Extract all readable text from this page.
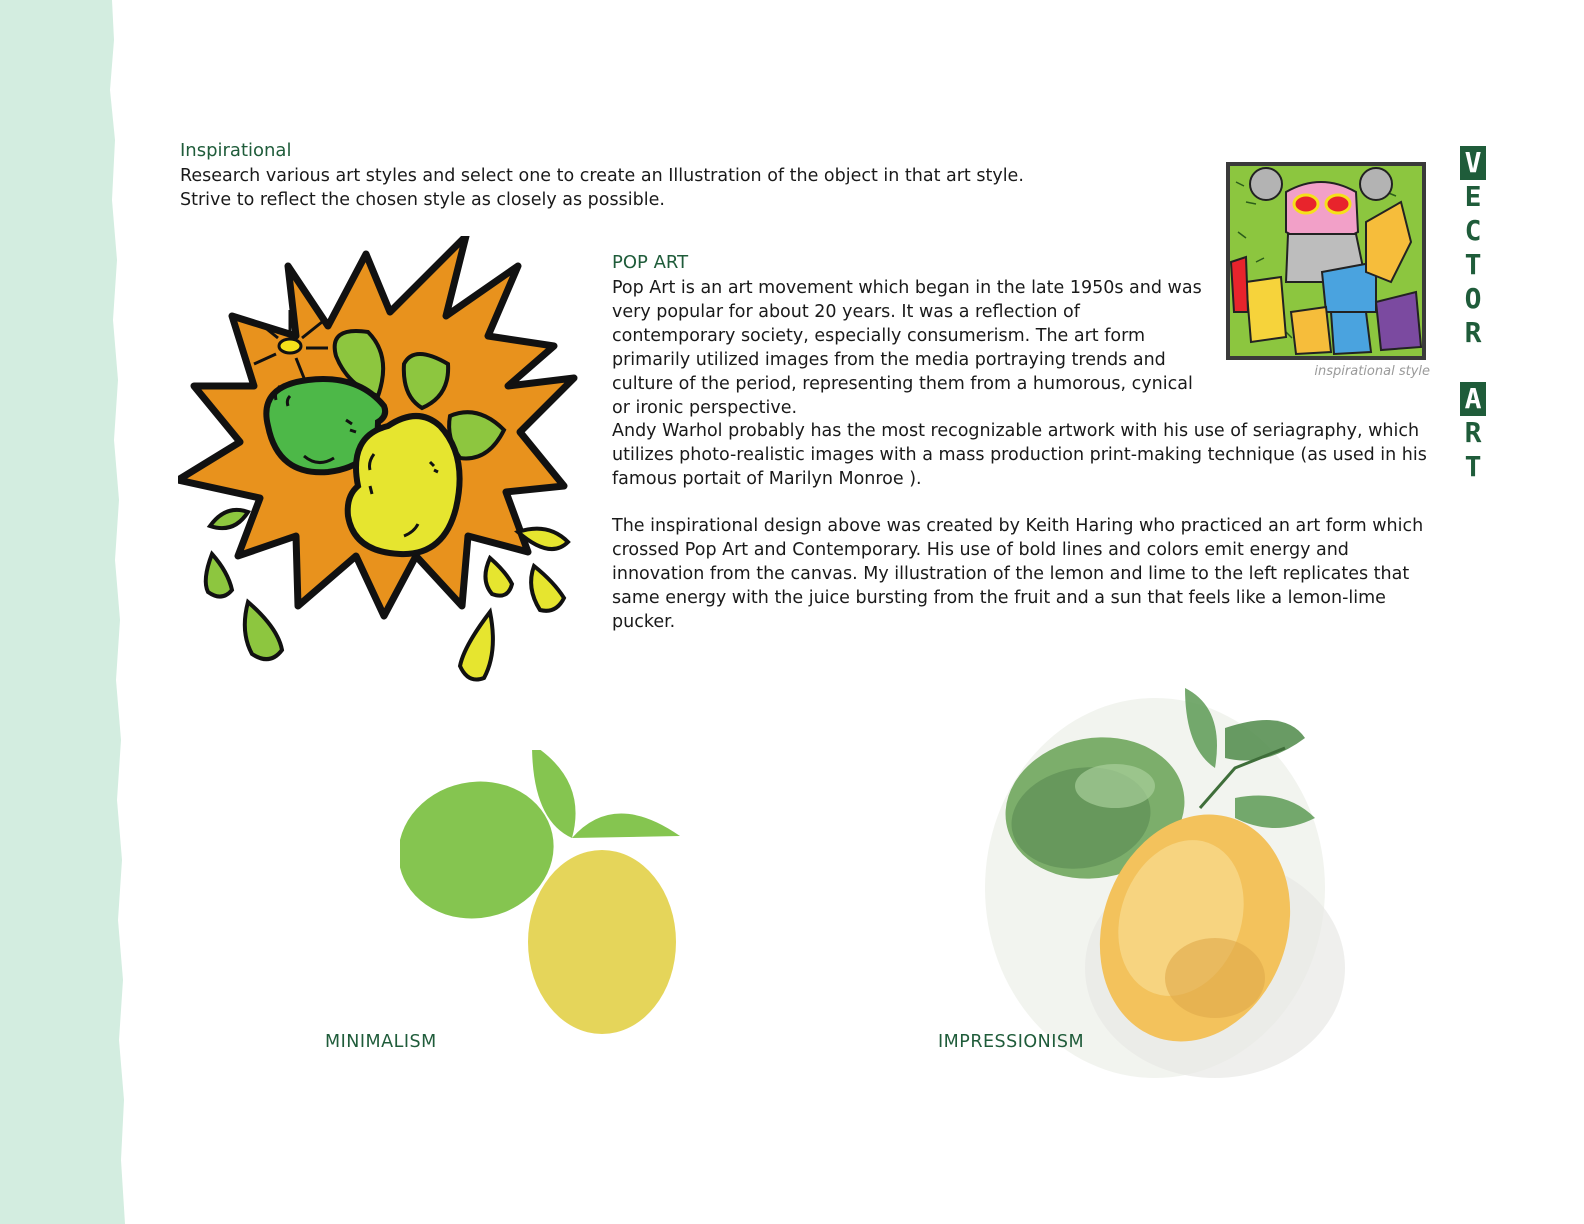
Inspirational
Research various art styles and select one to create an Illustration of the object in that art style.
Strive to reflect the chosen style as closely as possible.
POP ART
Pop Art is an art movement which began in the late 1950s and was very popular for about 20 years. It was a reflection of contemporary society, especially consumerism. The art form primarily utilized images from the media portraying trends and culture of the period, representing them from a humorous, cynical or ironic perspective.
Andy Warhol probably has the most recognizable artwork with his use of seriagraphy, which utilizes photo-realistic images with a mass production print-making technique (as used in his famous portait of Marilyn Monroe ).
The inspirational design above was created by Keith Haring who practiced an art form which crossed Pop Art and Contemporary. His use of bold lines and colors emit energy and innovation from the canvas. My illustration of the lemon and lime to the left replicates that same energy with the juice bursting from the fruit and a sun that feels like a lemon-lime pucker.
inspirational style
V
E
C
T
O
R
A
R
T
MINIMALISM	IMPRESSIONISM
